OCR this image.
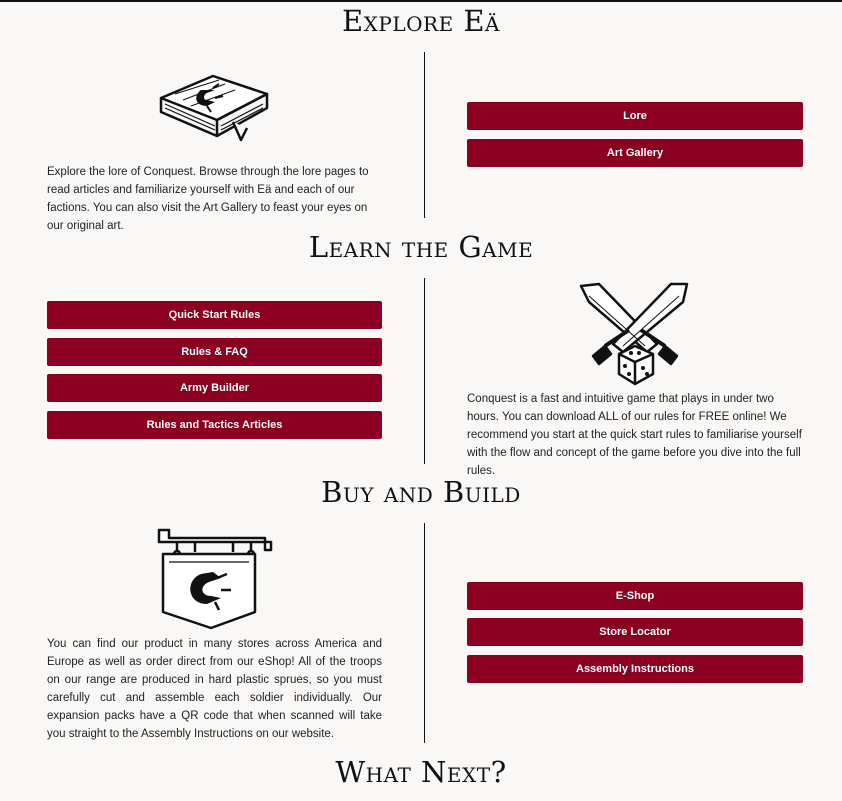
Explore Eä

Explore the lore of Conquest. Browse through the lore pages to read articles and familiarize yourself with Eä and each of our factions. You can also visit the Art Gallery to feast your eyes on our original art.

Lore
Art Gallery
Learn the Game
Quick Start Rules
Rules & FAQ
Army Builder
Rules and Tactics Articles

Conquest is a fast and intuitive game that plays in under two hours. You can download ALL of our rules for FREE online! We recommend you start at the quick start rules to familiarise yourself with the flow and concept of the game before you dive into the full rules.

Buy and Build

You can find our product in many stores across America and Europe as well as order direct from our eShop! All of the troops on our range are produced in hard plastic sprues, so you must carefully cut and assemble each soldier individually. Our expansion packs have a QR code that when scanned will take you straight to the Assembly Instructions on our website.

E-Shop
Store Locator
Assembly Instructions
What Next?
